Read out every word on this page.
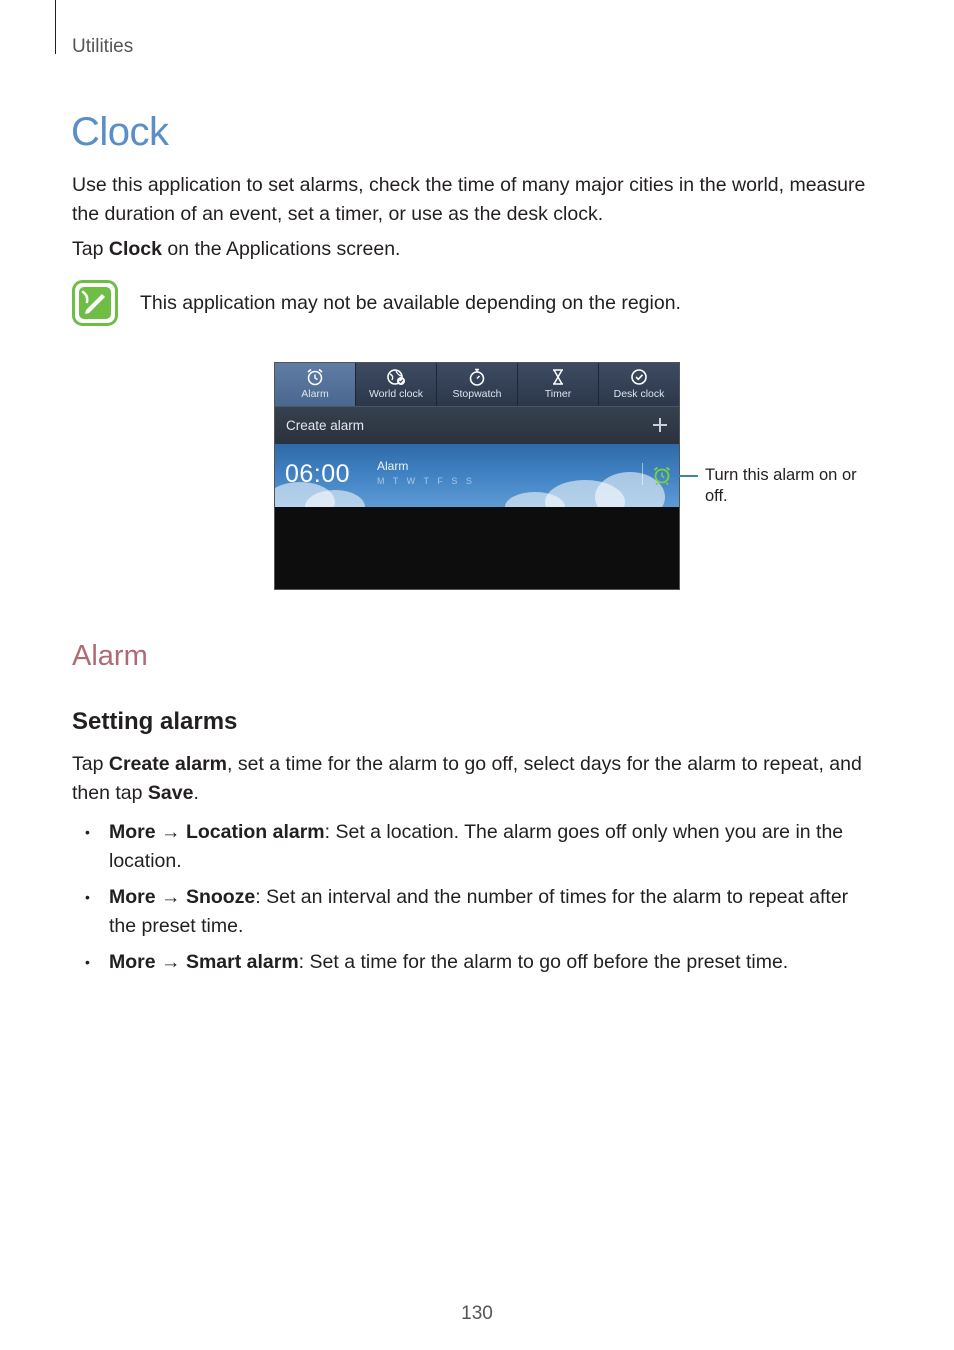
Utilities
Clock

Use this application to set alarms, check the time of many major cities in the world, measure the duration of an event, set a timer, or use as the desk clock.

Tap Clock on the Applications screen.

This application may not be available depending on the region.
Alarm	World clock	Stopwatch	Timer	Desk clock
Create alarm
06:00 Alarm
M T W T F S S	Turn this alarm on or off.
Alarm
Setting alarms

Tap Create alarm, set a time for the alarm to go off, select days for the alarm to repeat, and then tap Save.

• More → Location alarm: Set a location. The alarm goes off only when you are in the location.
• More → Snooze: Set an interval and the number of times for the alarm to repeat after the preset time.
• More → Smart alarm: Set a time for the alarm to go off before the preset time.
130
